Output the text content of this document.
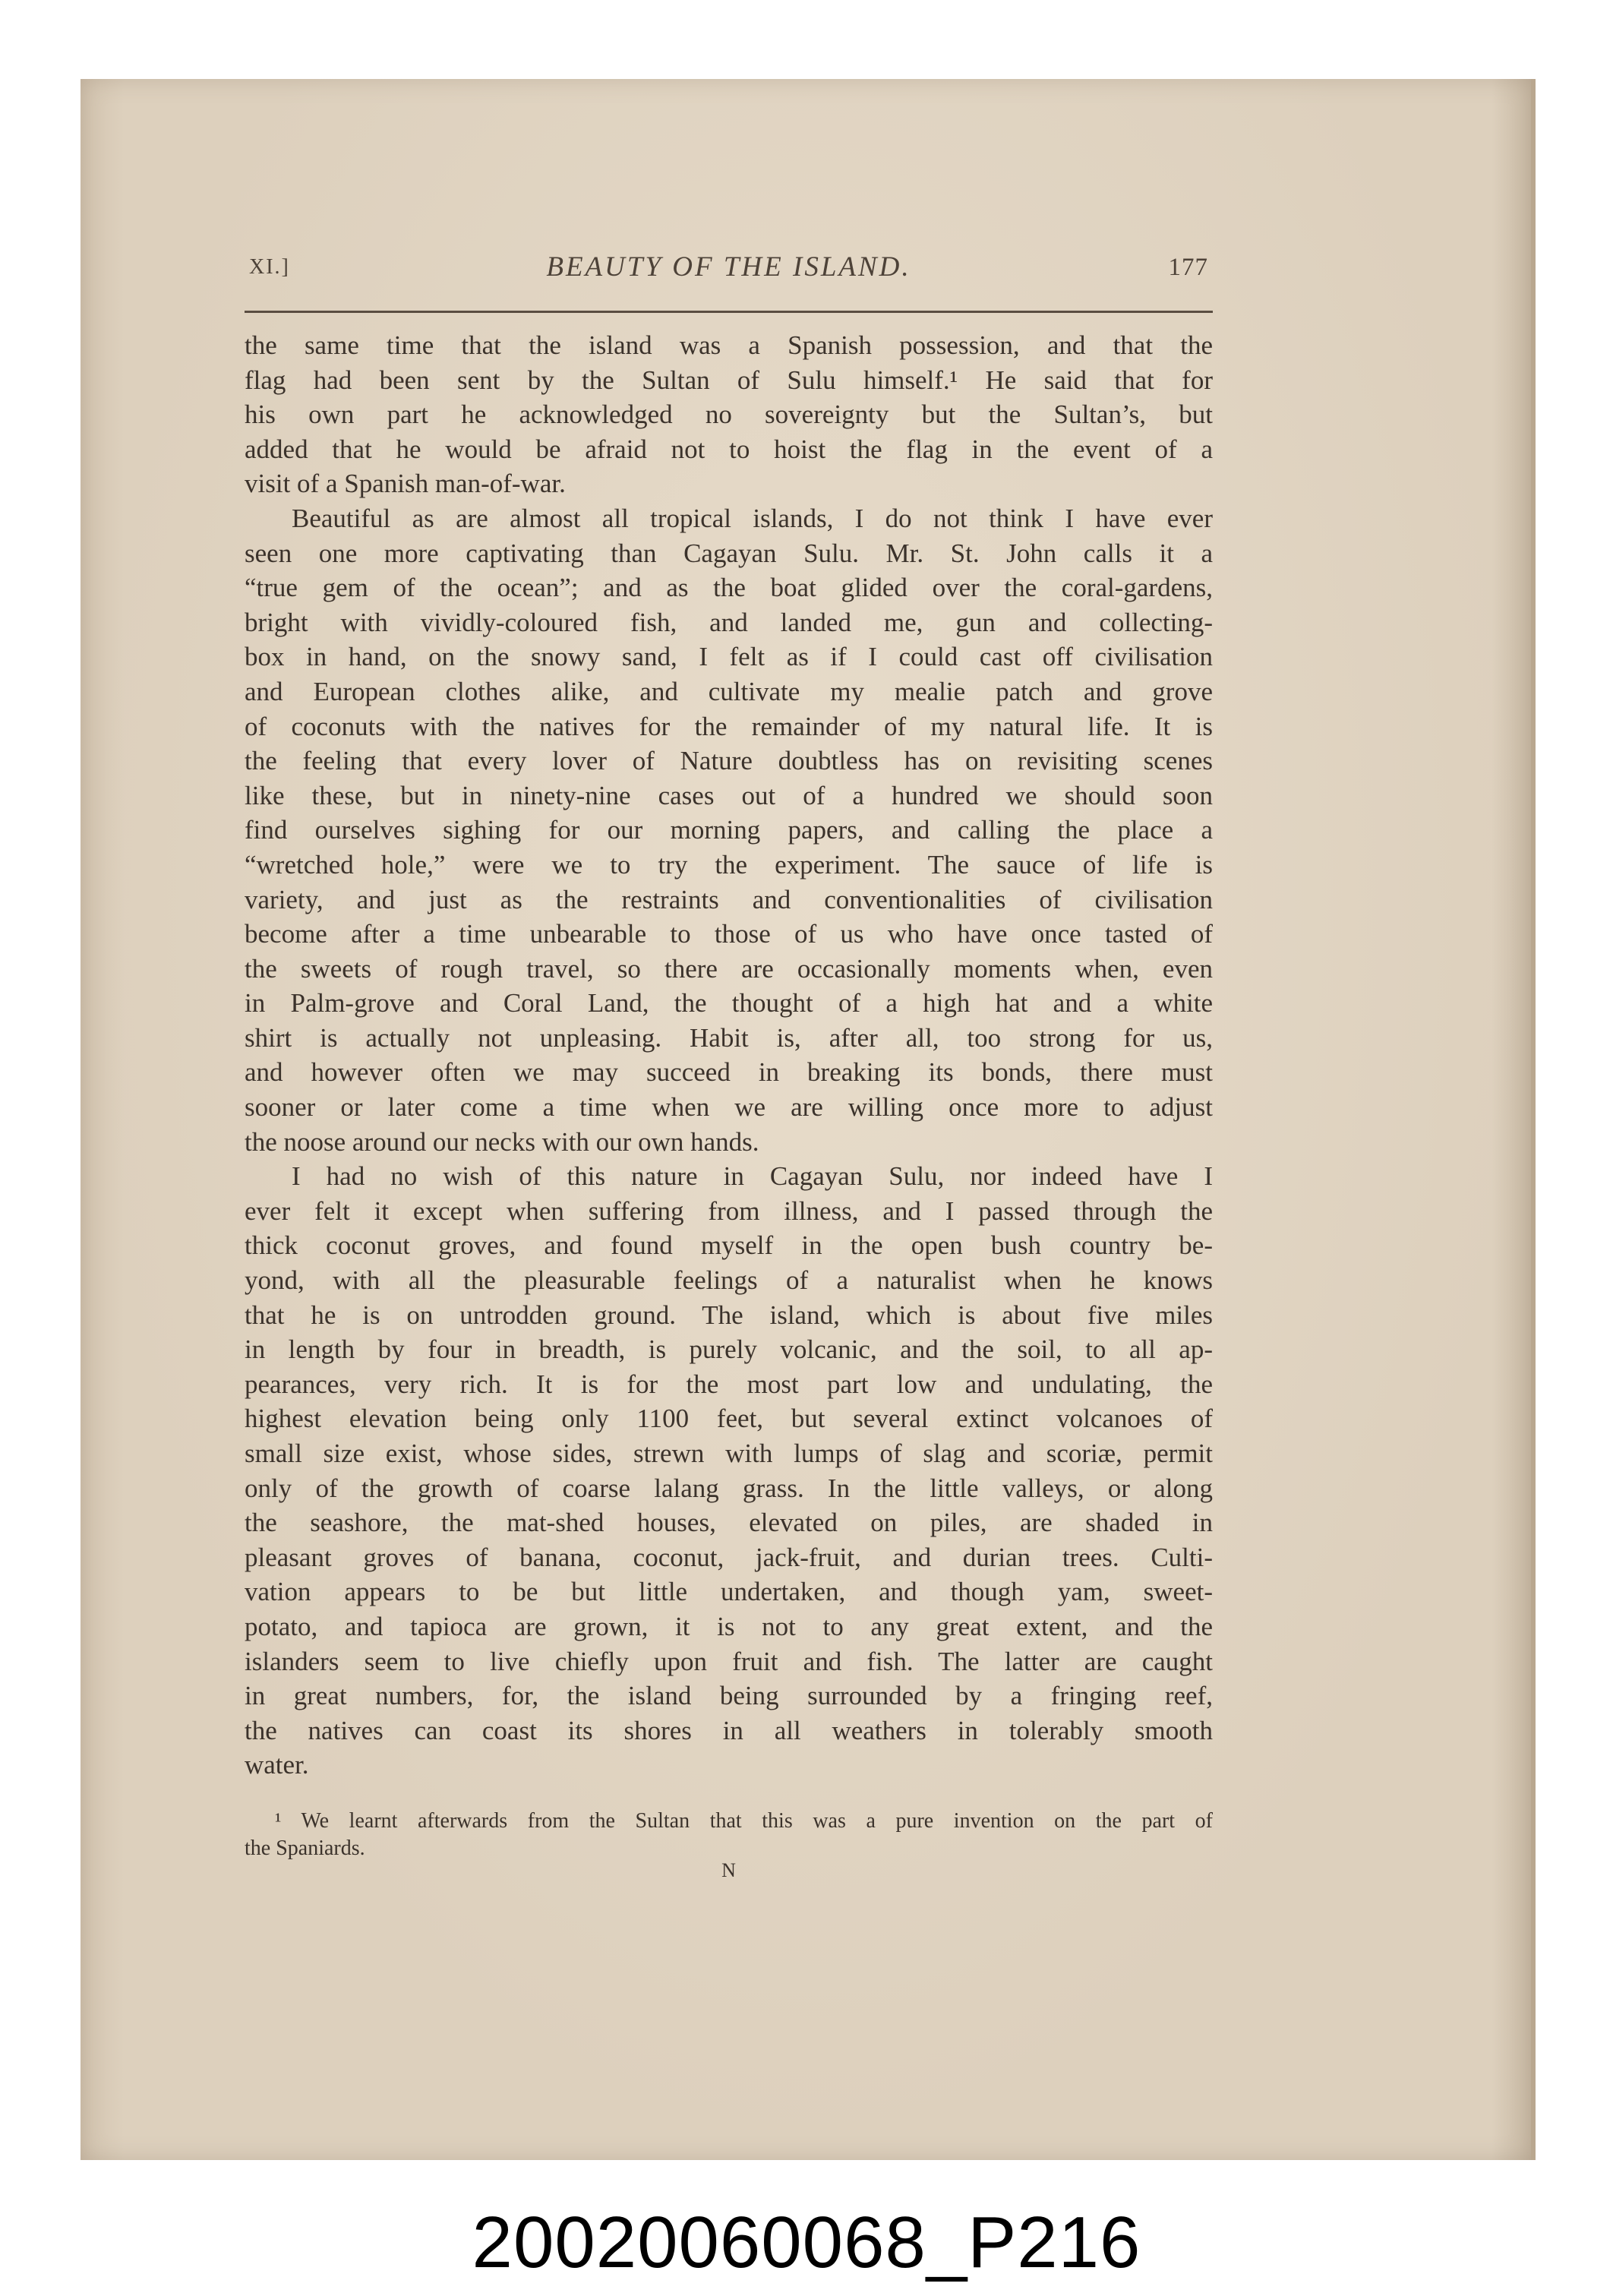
XI.]	BEAUTY OF THE ISLAND.	177
the same time that the island was a Spanish possession, and that the
flag had been sent by the Sultan of Sulu himself.¹ He said that for
his own part he acknowledged no sovereignty but the Sultan’s, but
added that he would be afraid not to hoist the flag in the event of a
visit of a Spanish man-of-war.
Beautiful as are almost all tropical islands, I do not think I have ever
seen one more captivating than Cagayan Sulu. Mr. St. John calls it a
“true gem of the ocean”; and as the boat glided over the coral-gardens,
bright with vividly-coloured fish, and landed me, gun and collecting-
box in hand, on the snowy sand, I felt as if I could cast off civilisation
and European clothes alike, and cultivate my mealie patch and grove
of coconuts with the natives for the remainder of my natural life. It is
the feeling that every lover of Nature doubtless has on revisiting scenes
like these, but in ninety-nine cases out of a hundred we should soon
find ourselves sighing for our morning papers, and calling the place a
“wretched hole,” were we to try the experiment. The sauce of life is
variety, and just as the restraints and conventionalities of civilisation
become after a time unbearable to those of us who have once tasted of
the sweets of rough travel, so there are occasionally moments when, even
in Palm-grove and Coral Land, the thought of a high hat and a white
shirt is actually not unpleasing. Habit is, after all, too strong for us,
and however often we may succeed in breaking its bonds, there must
sooner or later come a time when we are willing once more to adjust
the noose around our necks with our own hands.
I had no wish of this nature in Cagayan Sulu, nor indeed have I
ever felt it except when suffering from illness, and I passed through the
thick coconut groves, and found myself in the open bush country be-
yond, with all the pleasurable feelings of a naturalist when he knows
that he is on untrodden ground. The island, which is about five miles
in length by four in breadth, is purely volcanic, and the soil, to all ap-
pearances, very rich. It is for the most part low and undulating, the
highest elevation being only 1100 feet, but several extinct volcanoes of
small size exist, whose sides, strewn with lumps of slag and scoriæ, permit
only of the growth of coarse lalang grass. In the little valleys, or along
the seashore, the mat-shed houses, elevated on piles, are shaded in
pleasant groves of banana, coconut, jack-fruit, and durian trees. Culti-
vation appears to be but little undertaken, and though yam, sweet-
potato, and tapioca are grown, it is not to any great extent, and the
islanders seem to live chiefly upon fruit and fish. The latter are caught
in great numbers, for, the island being surrounded by a fringing reef,
the natives can coast its shores in all weathers in tolerably smooth
water.
¹ We learnt afterwards from the Sultan that this was a pure invention on the part of
the Spaniards.
N
20020060068_P216
